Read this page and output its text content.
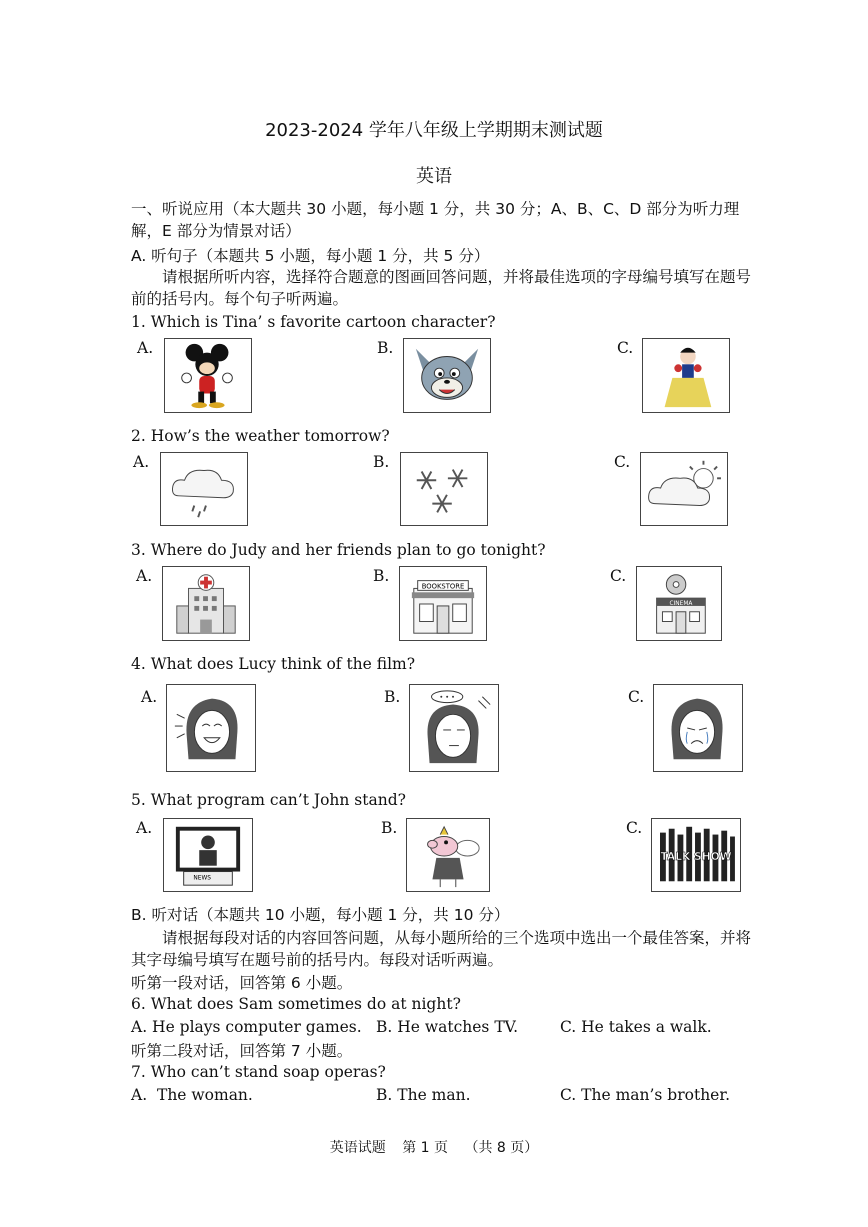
2023-2024 学年八年级上学期期末测试题
英语
一、听说应用（本大题共 30 小题，每小题 1 分，共 30 分；A、B、C、D 部分为听力理解，E 部分为情景对话）
A. 听句子（本题共 5 小题，每小题 1 分，共 5 分）
请根据所听内容，选择符合题意的图画回答问题，并将最佳选项的字母编号填写在题号前的括号内。每个句子听两遍。
1. Which is Tina’ s favorite cartoon character?
A.	B.	C.
2. How’s the weather tomorrow?
A.	B.	C.
3. Where do Judy and her friends plan to go tonight?
A.	B.	C.
BOOKSTORE
CINEMA
4. What does Lucy think of the film?
A.	B.	C.
5. What program can’t John stand?
A.	B.	C.
NEWS
TALK SHOW
B. 听对话（本题共 10 小题，每小题 1 分，共 10 分）
请根据每段对话的内容回答问题，从每小题所给的三个选项中选出一个最佳答案，并将其字母编号填写在题号前的括号内。每段对话听两遍。
听第一段对话，回答第 6 小题。
6. What does Sam sometimes do at night?
A. He plays computer games. B. He watches TV.	C. He takes a walk.
听第二段对话，回答第 7 小题。
7. Who can’t stand soap operas?
A.  The woman.	B. The man.	C. The man’s brother.
英语试题 第 1 页 （共 8 页）
